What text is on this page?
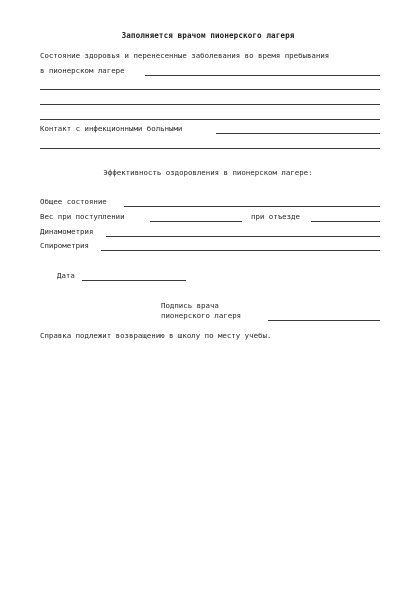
Заполняется врачом пионерского лагеря
Состояние здоровья и перенесенные заболевания во время пребывания
в пионерском лагере
Контакт с инфекционными больными
Эффективность оздоровления в пионерском лагере:
Общее состояние
Вес при поступлении	при отъезде
Динамометрия
Спирометрия
Дата
Подпись врача
пионерского лагеря
Справка подлежит возвращению в школу по месту учебы.
